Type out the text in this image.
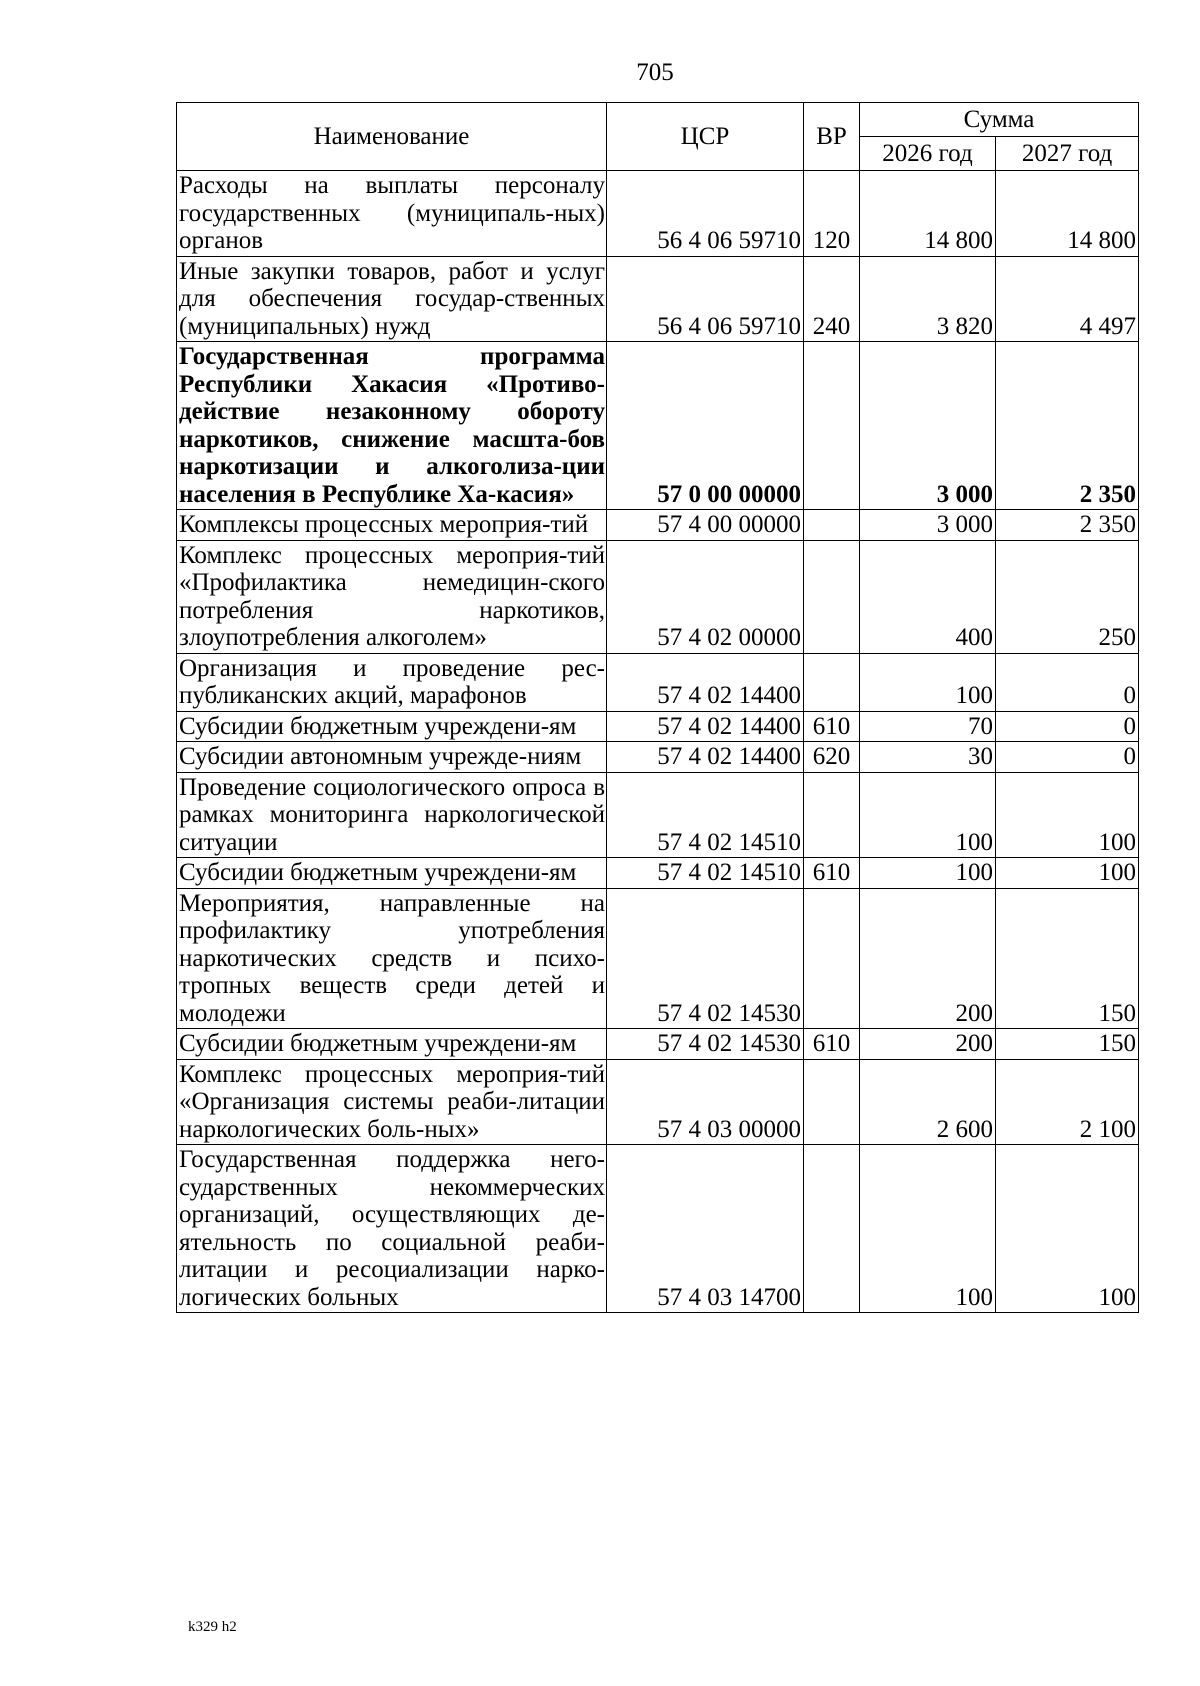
705
Наименование	ЦСР	ВР	Сумма	
			2026 год	2027 год
Расходы на выплаты персоналу государственных (муниципаль-ных) органов	56 4 06 59710	120	14 800	14 800
Иные закупки товаров, работ и услуг для обеспечения государ-ственных (муниципальных) нужд	56 4 06 59710	240	3 820	4 497
Государственная программа Республики Хакасия «Противо-действие незаконному обороту наркотиков, снижение масшта-бов наркотизации и алкоголиза-ции населения в Республике Ха-касия»	57 0 00 00000		3 000	2 350
Комплексы процессных мероприя-тий	57 4 00 00000		3 000	2 350
Комплекс процессных мероприя-тий «Профилактика немедицин-ского потребления наркотиков, злоупотребления алкоголем»	57 4 02 00000		400	250
Организация и проведение рес-публиканских акций, марафонов	57 4 02 14400		100	0
Субсидии бюджетным учреждени-ям	57 4 02 14400	610	70	0
Субсидии автономным учрежде-ниям	57 4 02 14400	620	30	0
Проведение социологического опроса в рамках мониторинга наркологической ситуации	57 4 02 14510		100	100
Субсидии бюджетным учреждени-ям	57 4 02 14510	610	100	100
Мероприятия, направленные на профилактику употребления наркотических средств и психо-тропных веществ среди детей и молодежи	57 4 02 14530		200	150
Субсидии бюджетным учреждени-ям	57 4 02 14530	610	200	150
Комплекс процессных мероприя-тий «Организация системы реаби-литации наркологических боль-ных»	57 4 03 00000		2 600	2 100
Государственная поддержка него-сударственных некоммерческих организаций, осуществляющих де-ятельность по социальной реаби-литации и ресоциализации нарко-логических больных	57 4 03 14700		100	100
k329 h2
